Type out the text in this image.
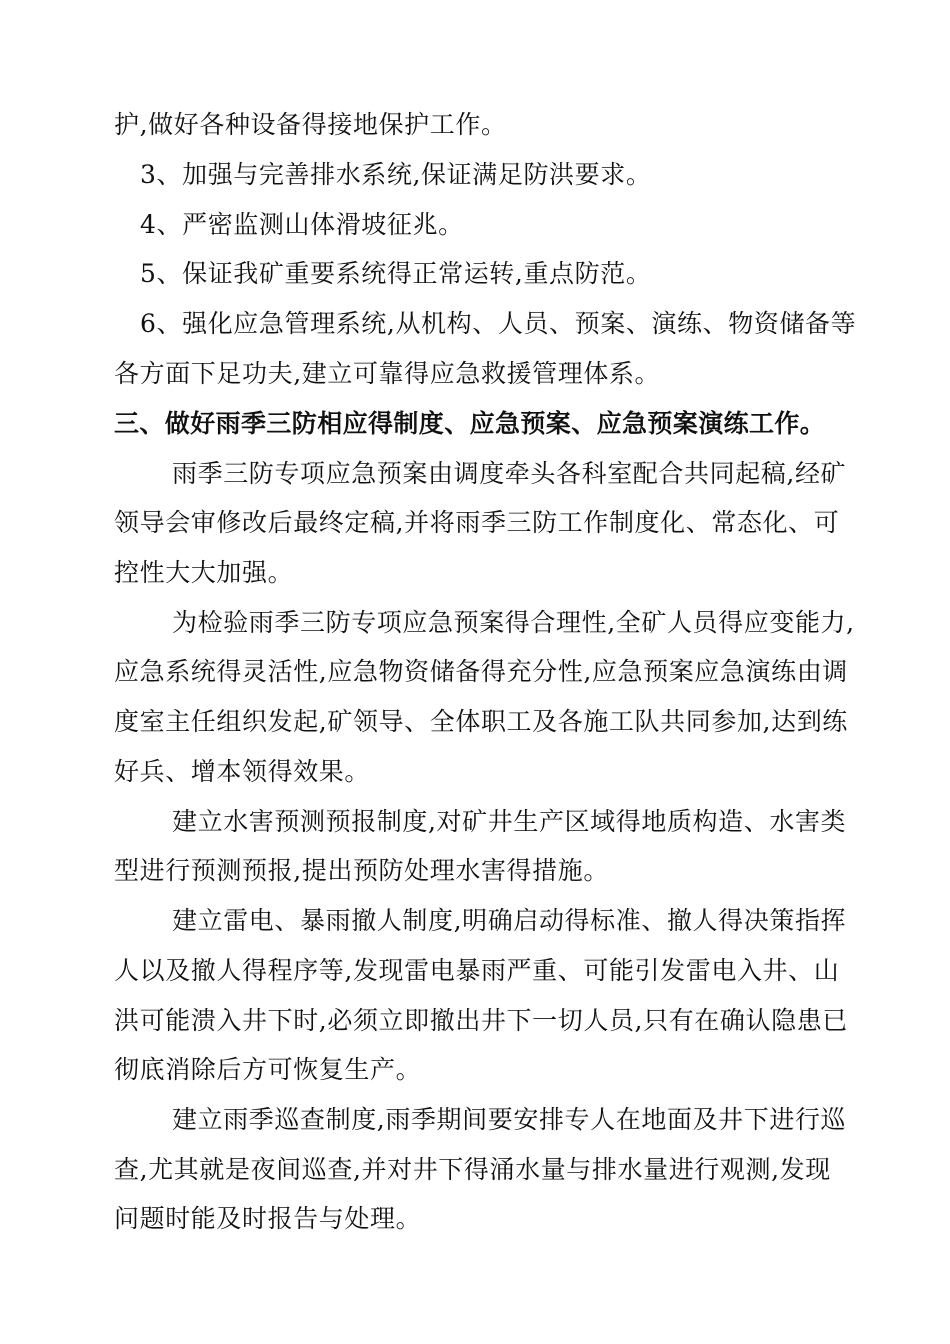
护,做好各种设备得接地保护工作。
3、加强与完善排水系统,保证满足防洪要求。
4、严密监测山体滑坡征兆。
5、保证我矿重要系统得正常运转,重点防范。
6、强化应急管理系统,从机构、人员、预案、演练、物资储备等
各方面下足功夫,建立可靠得应急救援管理体系。
三、做好雨季三防相应得制度、应急预案、应急预案演练工作。
雨季三防专项应急预案由调度牵头各科室配合共同起稿,经矿
领导会审修改后最终定稿,并将雨季三防工作制度化、常态化、可
控性大大加强。
为检验雨季三防专项应急预案得合理性,全矿人员得应变能力,
应急系统得灵活性,应急物资储备得充分性,应急预案应急演练由调
度室主任组织发起,矿领导、全体职工及各施工队共同参加,达到练
好兵、增本领得效果。
建立水害预测预报制度,对矿井生产区域得地质构造、水害类
型进行预测预报,提出预防处理水害得措施。
建立雷电、暴雨撤人制度,明确启动得标准、撤人得决策指挥
人以及撤人得程序等,发现雷电暴雨严重、可能引发雷电入井、山
洪可能溃入井下时,必须立即撤出井下一切人员,只有在确认隐患已
彻底消除后方可恢复生产。
建立雨季巡查制度,雨季期间要安排专人在地面及井下进行巡
查,尤其就是夜间巡查,并对井下得涌水量与排水量进行观测,发现
问题时能及时报告与处理。
